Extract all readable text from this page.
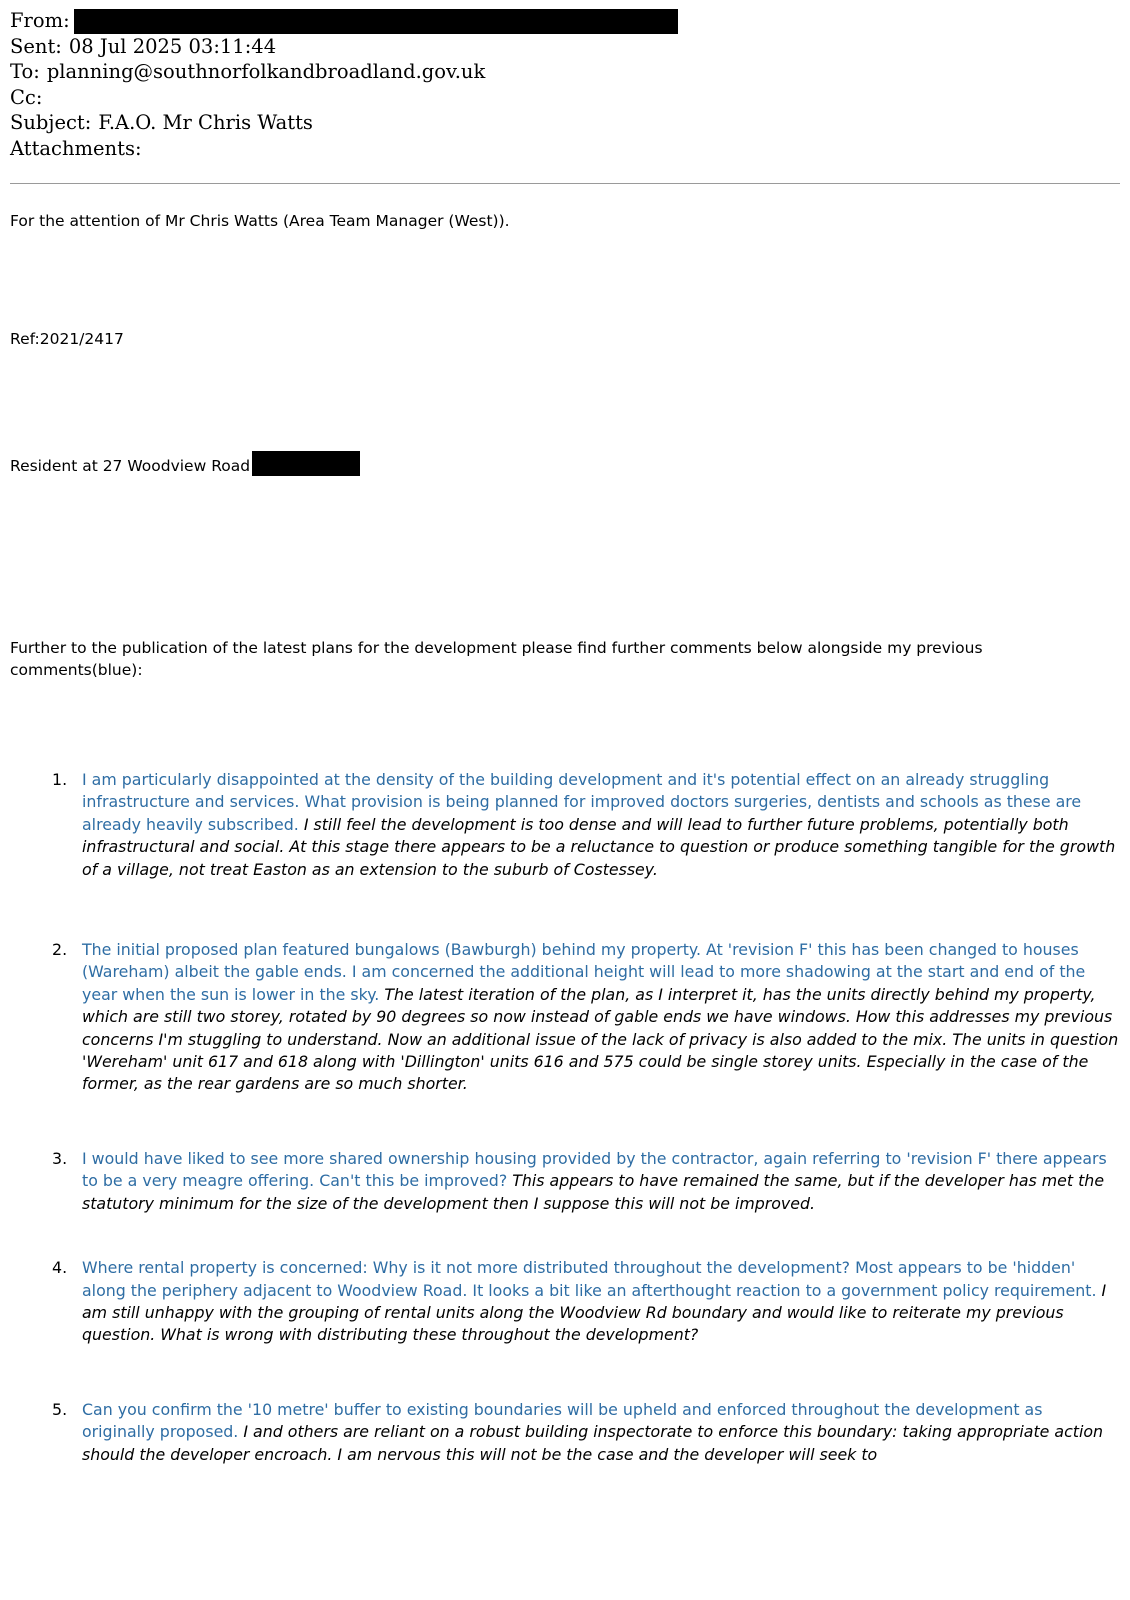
From:
Sent: 08 Jul 2025 03:11:44
To: planning@southnorfolkandbroadland.gov.uk
Cc:
Subject: F.A.O. Mr Chris Watts
Attachments:

For the attention of Mr Chris Watts (Area Team Manager (West)).

Ref:2021/2417

Resident at 27 Woodview Road

Further to the publication of the latest plans for the development please find further comments below alongside my previous comments(blue):

I am particularly disappointed at the density of the building development and it's potential effect on an already struggling infrastructure and services. What provision is being planned for improved doctors surgeries, dentists and schools as these are already heavily subscribed. I still feel the development is too dense and will lead to further future problems, potentially both infrastructural and social. At this stage there appears to be a reluctance to question or produce something tangible for the growth of a village, not treat Easton as an extension to the suburb of Costessey.
The initial proposed plan featured bungalows (Bawburgh) behind my property. At 'revision F' this has been changed to houses (Wareham) albeit the gable ends. I am concerned the additional height will lead to more shadowing at the start and end of the year when the sun is lower in the sky. The latest iteration of the plan, as I interpret it, has the units directly behind my property, which are still two storey, rotated by 90 degrees so now instead of gable ends we have windows. How this addresses my previous concerns I'm stuggling to understand. Now an additional issue of the lack of privacy is also added to the mix. The units in question 'Wereham' unit 617 and 618 along with 'Dillington' units 616 and 575 could be single storey units. Especially in the case of the former, as the rear gardens are so much shorter.
I would have liked to see more shared ownership housing provided by the contractor, again referring to 'revision F' there appears to be a very meagre offering. Can't this be improved? This appears to have remained the same, but if the developer has met the statutory minimum for the size of the development then I suppose this will not be improved.
Where rental property is concerned: Why is it not more distributed throughout the development? Most appears to be 'hidden' along the periphery adjacent to Woodview Road. It looks a bit like an afterthought reaction to a government policy requirement. I am still unhappy with the grouping of rental units along the Woodview Rd boundary and would like to reiterate my previous question. What is wrong with distributing these throughout the development?
Can you confirm the '10 metre' buffer to existing boundaries will be upheld and enforced throughout the development as originally proposed. I and others are reliant on a robust building inspectorate to enforce this boundary: taking appropriate action should the developer encroach. I am nervous this will not be the case and the developer will seek to
